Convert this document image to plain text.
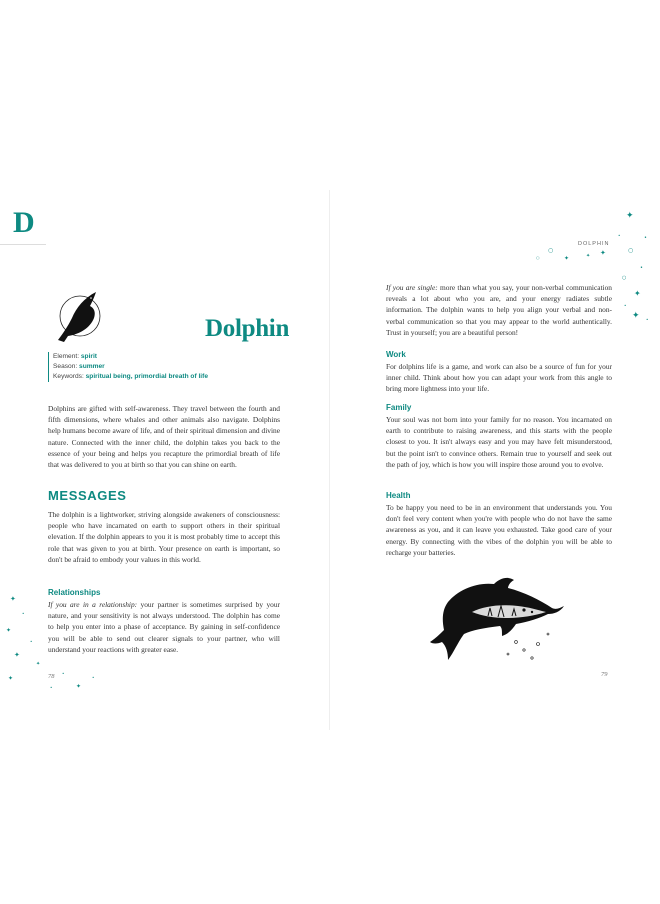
D
Dolphin
Element: spirit
Season: summer
Keywords: spiritual being, primordial breath of life
Dolphins are gifted with self-awareness. They travel between the fourth and fifth dimensions, where whales and other animals also navigate. Dolphins help humans become aware of life, and of their spiritual dimension and divine nature. Connected with the inner child, the dolphin takes you back to the essence of your being and helps you recapture the primordial breath of life that was delivered to you at birth so that you can shine on earth.
MESSAGES
The dolphin is a lightworker, striving alongside awakeners of consciousness: people who have incarnated on earth to support others in their spiritual elevation. If the dolphin appears to you it is most probably time to accept this role that was given to you at birth. Your presence on earth is important, so don't be afraid to embody your values in this world.
Relationships
If you are in a relationship: your partner is sometimes surprised by your nature, and your sensitivity is not always understood. The dolphin has come to help you enter into a phase of acceptance. By gaining in self-confidence you will be able to send out clearer signals to your partner, who will understand your reactions with greater ease.
78
✦
•
✦
•
✦
✦
✦
•
✦
•
•
DOLPHIN
If you are single: more than what you say, your non-verbal communication reveals a lot about who you are, and your energy radiates subtle information. The dolphin wants to help you align your verbal and non-verbal communication so that you may appear to the world authentically. Trust in yourself; you are a beautiful person!
Work
For dolphins life is a game, and work can also be a source of fun for your inner child. Think about how you can adapt your work from this angle to bring more lightness into your life.
Family
Your soul was not born into your family for no reason. You incarnated on earth to contribute to raising awareness, and this starts with the people closest to you. It isn't always easy and you may have felt misunderstood, but the point isn't to convince others. Remain true to yourself and seek out the path of joy, which is how you will inspire those around you to evolve.
Health
To be happy you need to be in an environment that understands you. You don't feel very content when you're with people who do not have the same awareness as you, and it can leave you exhausted. Take good care of your energy. By connecting with the vibes of the dolphin you will be able to recharge your batteries.
79
✦
•
•
○
○	✦	✦ ✦	○
•
○
✦
•
✦ •
